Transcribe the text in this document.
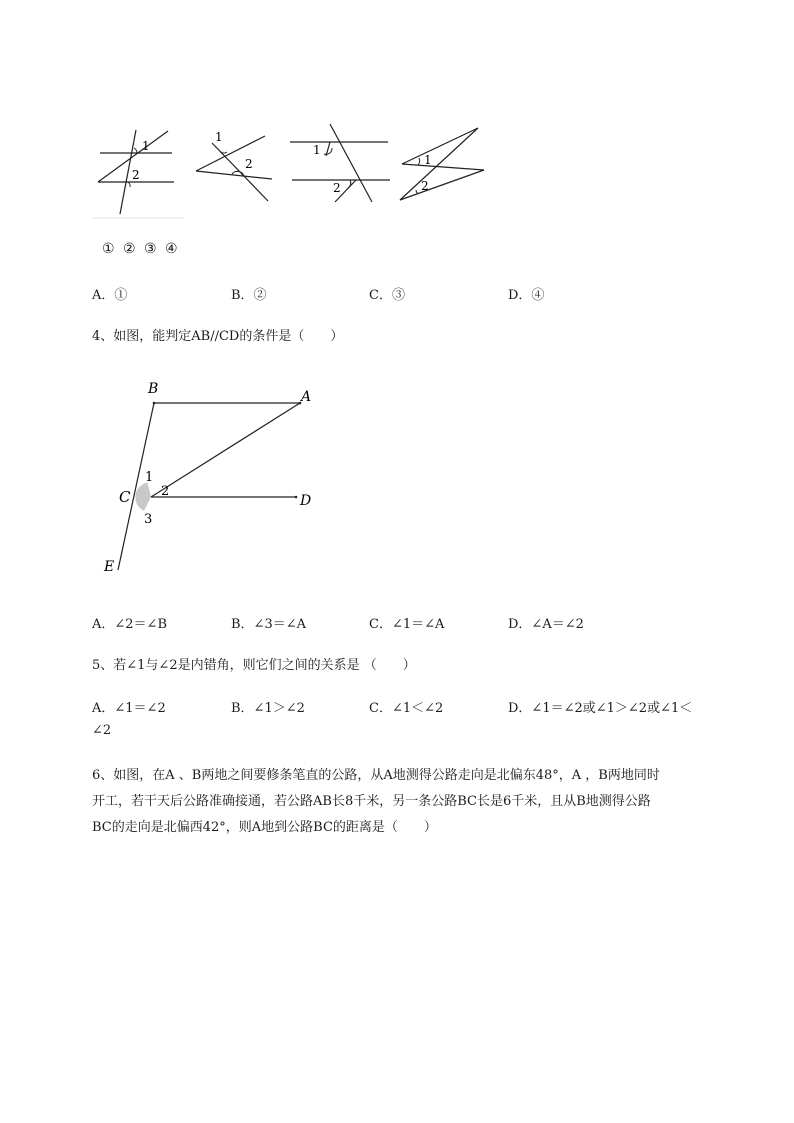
1
2
1
2
1
2
1
2
① ② ③ ④
A．①	B．②	C．③	D．④
4、如图，能判定AB//CD的条件是（　　）
B	A
C	D
E
1
2
3
A．∠2＝∠B	B．∠3＝∠A	C．∠1＝∠A	D．∠A＝∠2
5、若∠1与∠2是内错角，则它们之间的关系是 （　　）
A．∠1＝∠2	B．∠1＞∠2	C．∠1＜∠2	D．∠1＝∠2或∠1＞∠2或∠1＜
∠2
6、如图，在A 、B两地之间要修条笔直的公路，从A地测得公路走向是北偏东48°，A ，B两地同时
开工，若干天后公路准确接通，若公路AB长8千米，另一条公路BC长是6千米，且从B地测得公路
BC的走向是北偏西42°，则A地到公路BC的距离是（　　）
